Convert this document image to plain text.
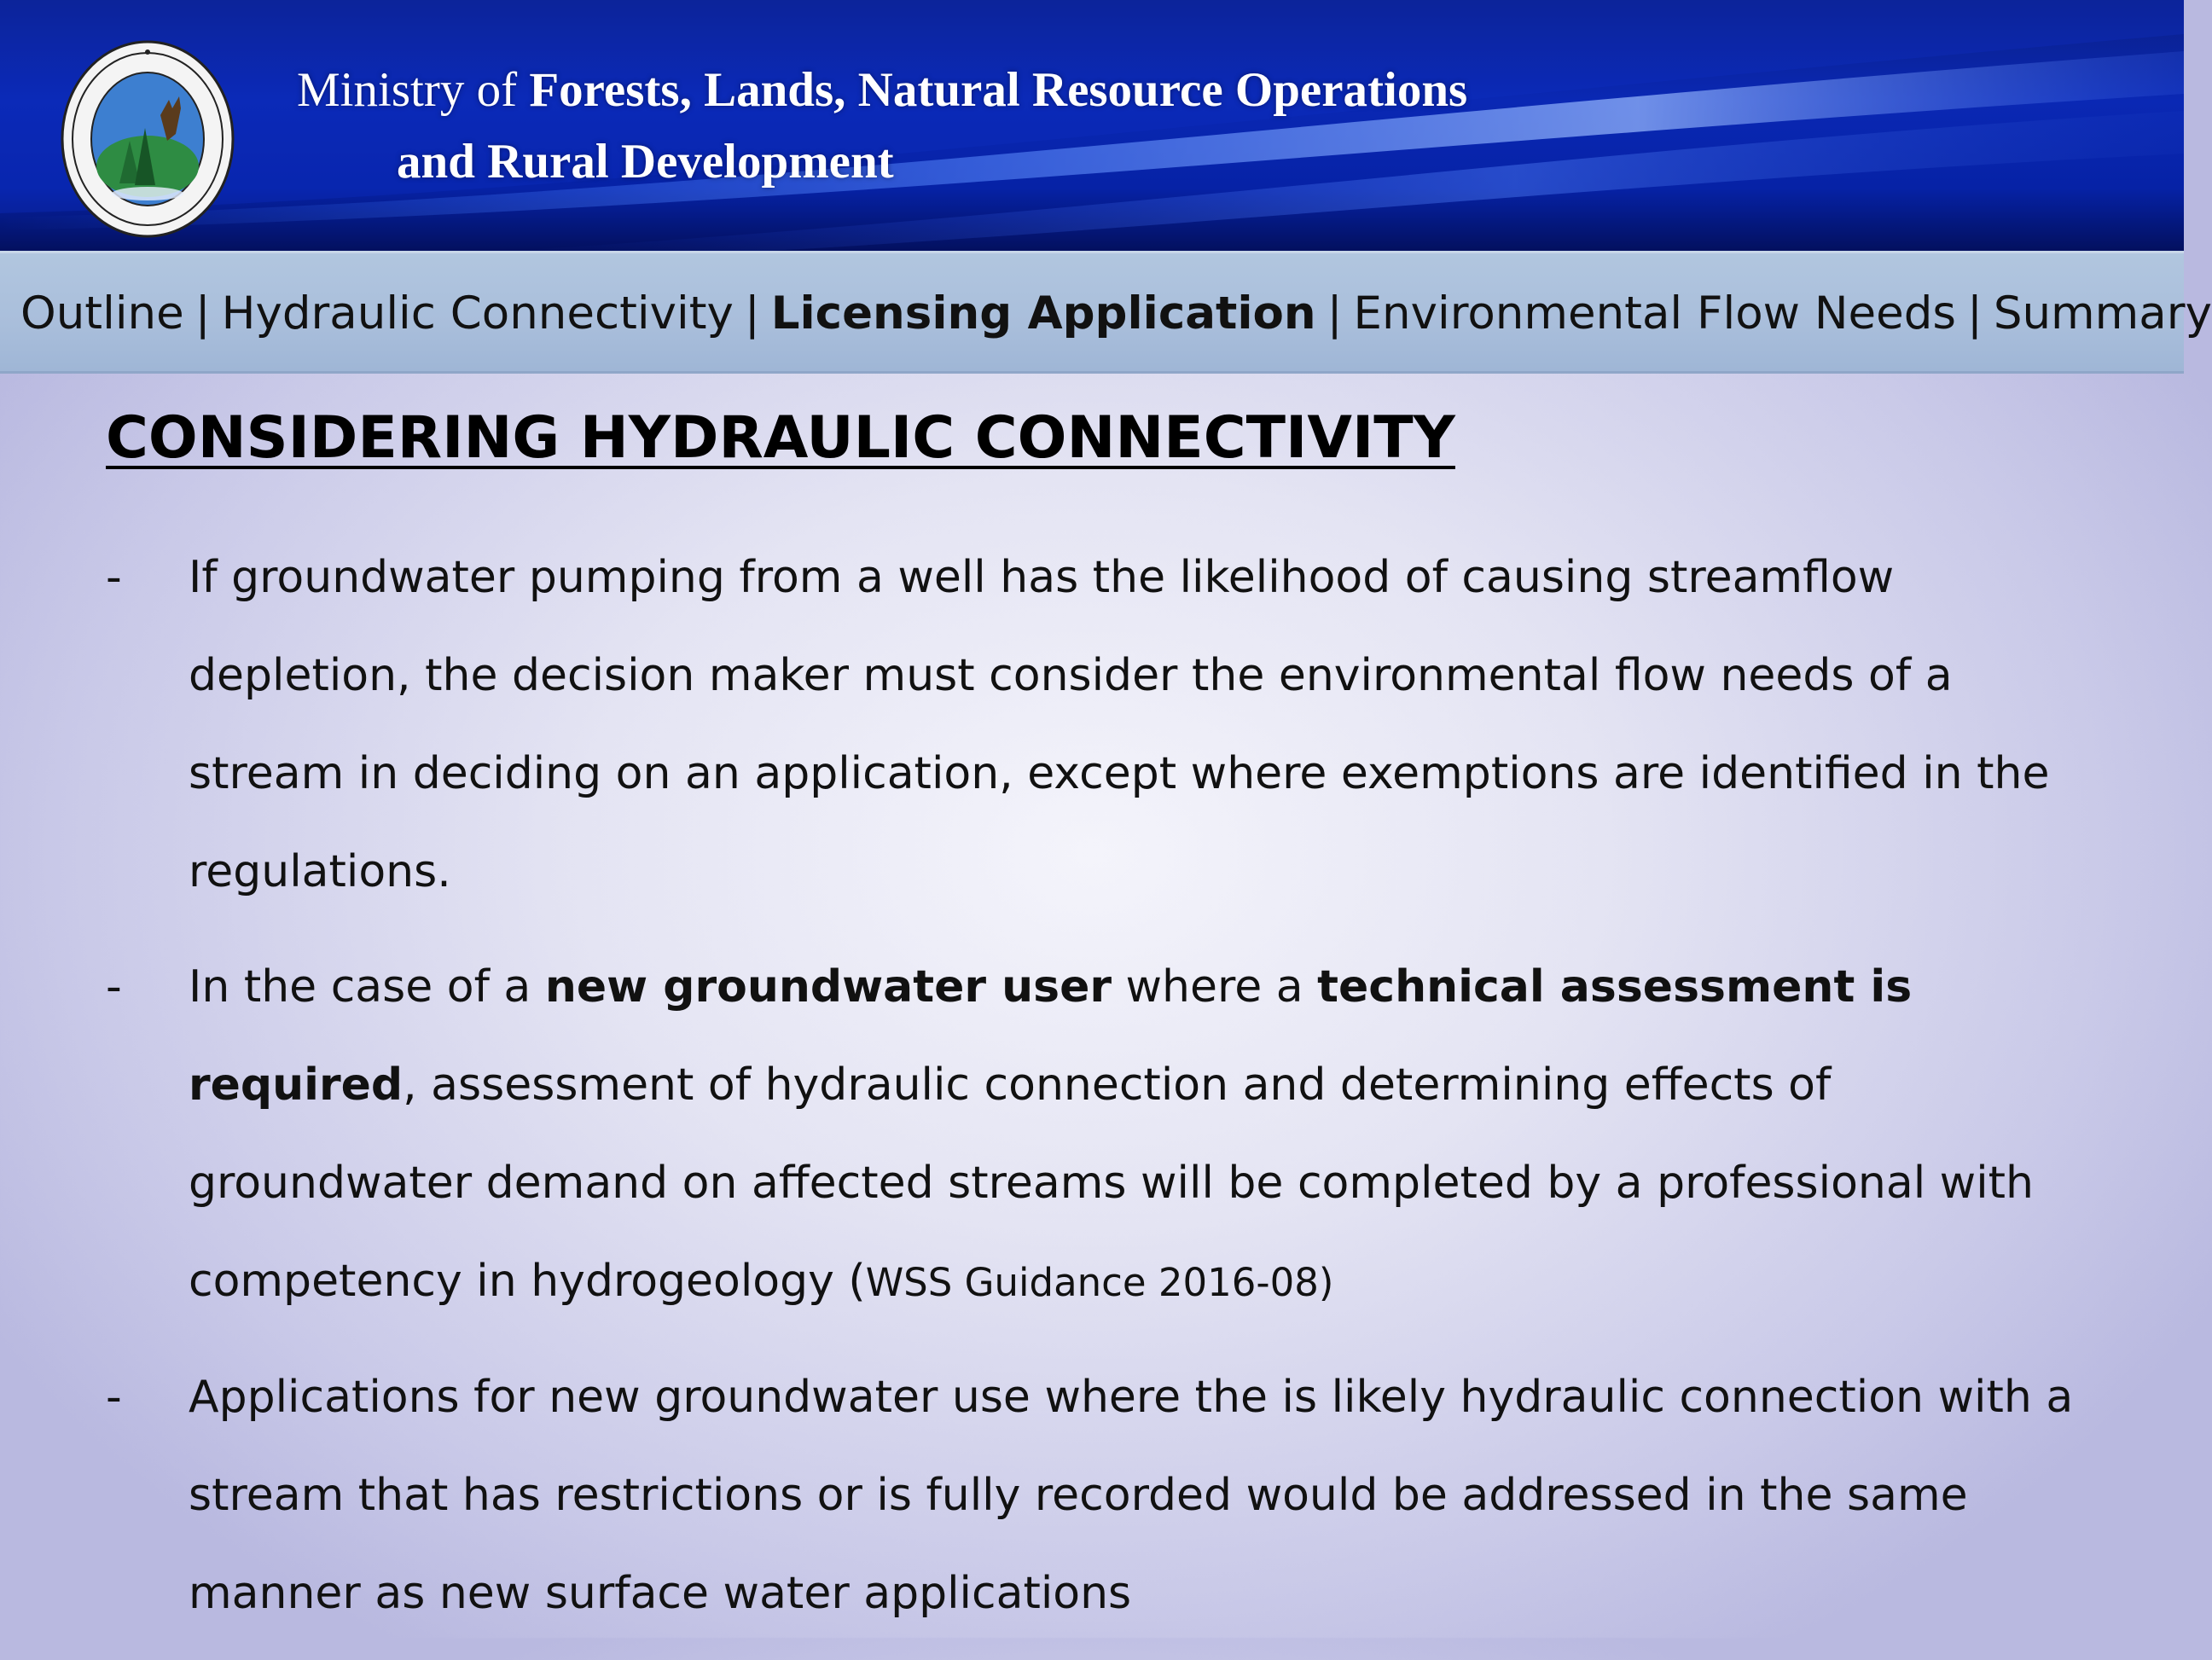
Ministry of Forests, Lands, Natural Resource Operations
and Rural Development
Outline | Hydraulic Connectivity | Licensing Application | Environmental Flow Needs | Summary
CONSIDERING HYDRAULIC CONNECTIVITY
- If groundwater pumping from a well has the likelihood of causing streamflow depletion, the decision maker must consider the environmental flow needs of a stream in deciding on an application, except where exemptions are identified in the regulations.
- In the case of a new groundwater user where a technical assessment is required, assessment of hydraulic connection and determining effects of groundwater demand on affected streams will be completed by a professional with competency in hydrogeology (WSS Guidance 2016-08)
- Applications for new groundwater use where the is likely hydraulic connection with a stream that has restrictions or is fully recorded would be addressed in the same manner as new surface water applications
